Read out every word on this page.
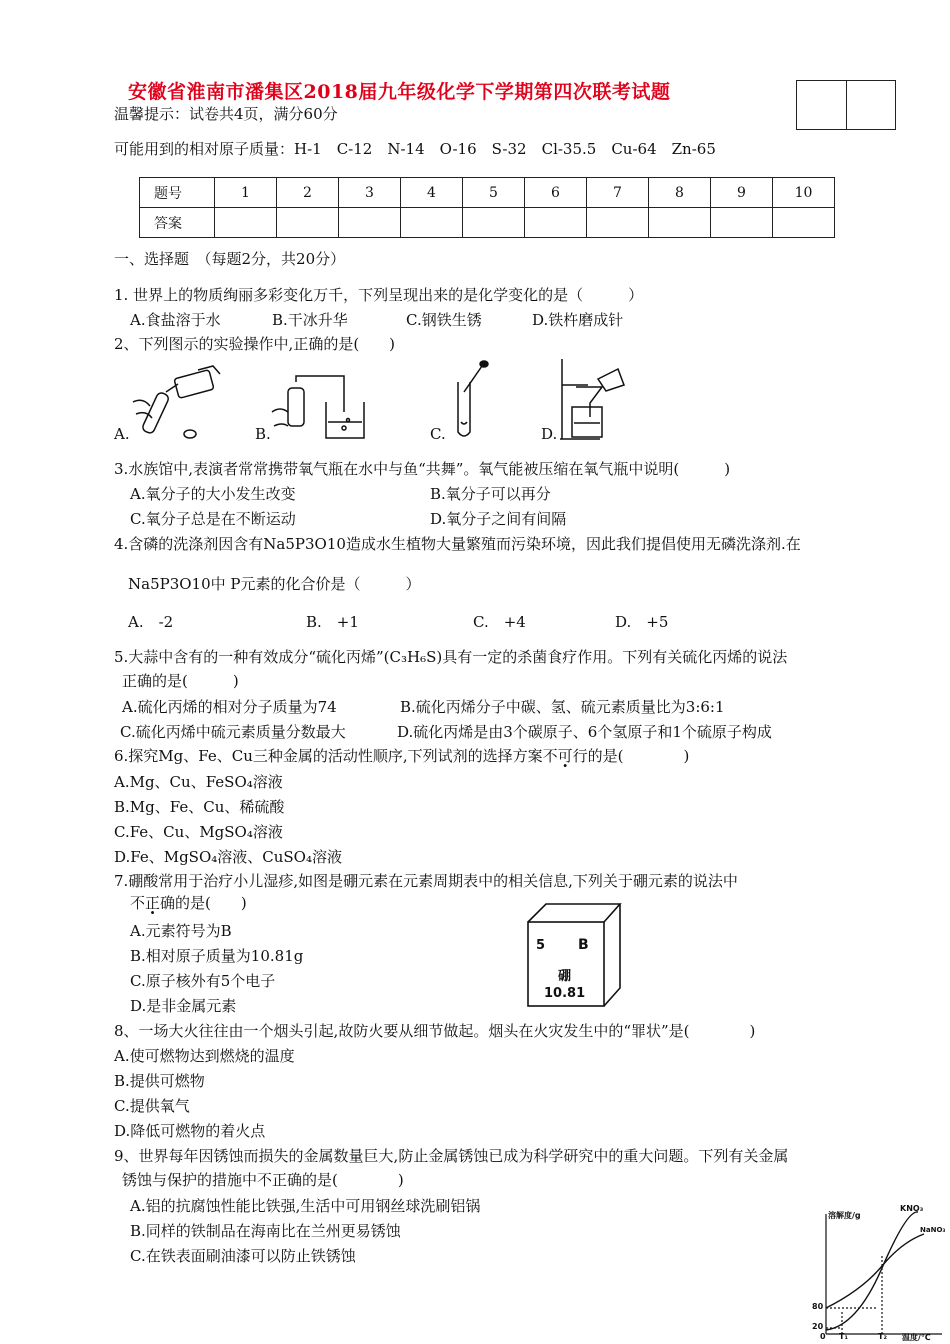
安徽省淮南市潘集区2018届九年级化学下学期第四次联考试题
温馨提示：试卷共4页，满分60分
可能用到的相对原子质量：H-1　C-12　N-14　O-16　S-32　Cl-35.5　Cu-64　Zn-65
题号	1	2	3	4	5	6	7	8	9	10
答案										
一、选择题　（每题2分，共20分）
1. 世界上的物质绚丽多彩变化万千，下列呈现出来的是化学变化的是（　　　）
A.食盐溶于水	B.干冰升华	C.钢铁生锈	D.铁杵磨成针
2、下列图示的实验操作中,正确的是(　　)
A.	B.	C.	D.
3.水族馆中,表演者常常携带氧气瓶在水中与鱼“共舞”。氧气能被压缩在氧气瓶中说明(　　　)
A.氧分子的大小发生改变	B.氧分子可以再分
C.氧分子总是在不断运动	D.氧分子之间有间隔
4.含磷的洗涤剂因含有Na5P3O10造成水生植物大量繁殖而污染环境，因此我们提倡使用无磷洗涤剂.在
Na5P3O10中 P元素的化合价是（　　　）
A.　-2	B.　+1	C.　+4	D.　+5
5.大蒜中含有的一种有效成分“硫化丙烯”(C₃H₆S)具有一定的杀菌食疗作用。下列有关硫化丙烯的说法
正确的是(　　　)
A.硫化丙烯的相对分子质量为74	B.硫化丙烯分子中碳、氢、硫元素质量比为3:6:1
C.硫化丙烯中硫元素质量分数最大	D.硫化丙烯是由3个碳原子、6个氢原子和1个硫原子构成
6.探究Mg、Fe、Cu三种金属的活动性顺序,下列试剂的选择方案不可行的是(　　　　)
A.Mg、Cu、FeSO₄溶液
B.Mg、Fe、Cu、稀硫酸
C.Fe、Cu、MgSO₄溶液
D.Fe、MgSO₄溶液、CuSO₄溶液
7.硼酸常用于治疗小儿湿疹,如图是硼元素在元素周期表中的相关信息,下列关于硼元素的说法中
不正确的是(　　)
A.元素符号为B
B.相对原子质量为10.81g
C.原子核外有5个电子
D.是非金属元素
5 B
硼
10.81
8、一场大火往往由一个烟头引起,故防火要从细节做起。烟头在火灾发生中的“罪状”是(　　　　)
A.使可燃物达到燃烧的温度
B.提供可燃物
C.提供氧气
D.降低可燃物的着火点
9、世界每年因锈蚀而损失的金属数量巨大,防止金属锈蚀已成为科学研究中的重大问题。下列有关金属
锈蚀与保护的措施中不正确的是(　　　　)
A.铝的抗腐蚀性能比铁强,生活中可用钢丝球洗刷铝锅
B.同样的铁制品在海南比在兰州更易锈蚀
C.在铁表面刷油漆可以防止铁锈蚀
溶解度/g
KNO₃
NaNO₃
80
20
0 T₁	T₂ 温度/℃
